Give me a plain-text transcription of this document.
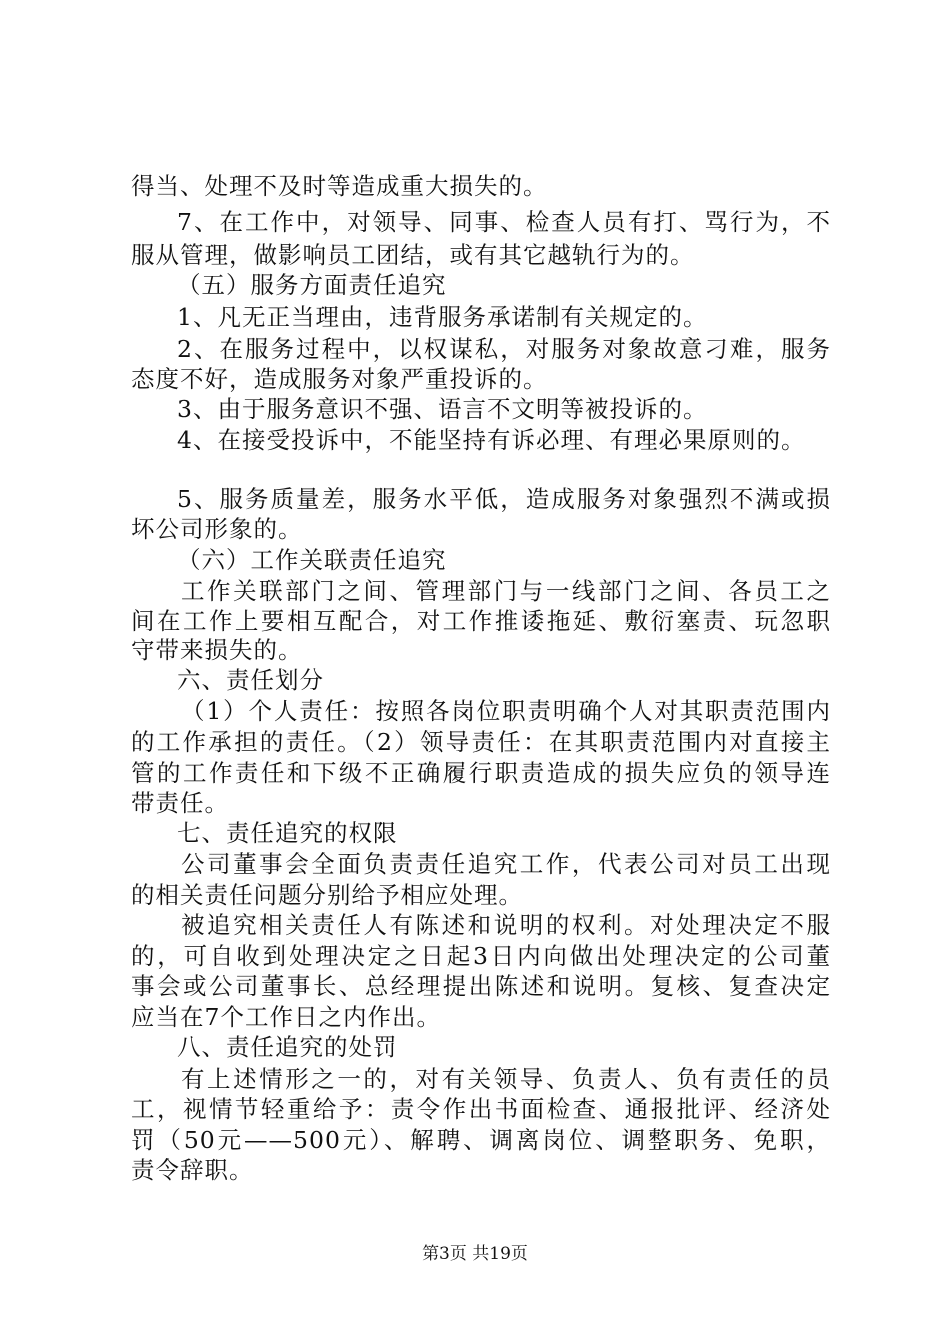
得当、处理不及时等造成重大损失的。
7、在工作中，对领导、同事、检查人员有打、骂行为，不
服从管理，做影响员工团结，或有其它越轨行为的。
（五）服务方面责任追究
1、凡无正当理由，违背服务承诺制有关规定的。
2、在服务过程中，以权谋私，对服务对象故意刁难，服务
态度不好，造成服务对象严重投诉的。
3、由于服务意识不强、语言不文明等被投诉的。
4、在接受投诉中，不能坚持有诉必理、有理必果原则的。
5、服务质量差，服务水平低，造成服务对象强烈不满或损
坏公司形象的。
（六）工作关联责任追究
工作关联部门之间、管理部门与一线部门之间、各员工之
间在工作上要相互配合，对工作推诿拖延、敷衍塞责、玩忽职
守带来损失的。
六、责任划分
（1）个人责任：按照各岗位职责明确个人对其职责范围内
的工作承担的责任。（2）领导责任：在其职责范围内对直接主
管的工作责任和下级不正确履行职责造成的损失应负的领导连
带责任。
七、责任追究的权限
公司董事会全面负责责任追究工作，代表公司对员工出现
的相关责任问题分别给予相应处理。
被追究相关责任人有陈述和说明的权利。对处理决定不服
的，可自收到处理决定之日起3日内向做出处理决定的公司董
事会或公司董事长、总经理提出陈述和说明。复核、复查决定
应当在7个工作日之内作出。
八、责任追究的处罚
有上述情形之一的，对有关领导、负责人、负有责任的员
工，视情节轻重给予：责令作出书面检查、通报批评、经济处
罚（50元——500元）、解聘、调离岗位、调整职务、免职，
责令辞职。
第3页 共19页
